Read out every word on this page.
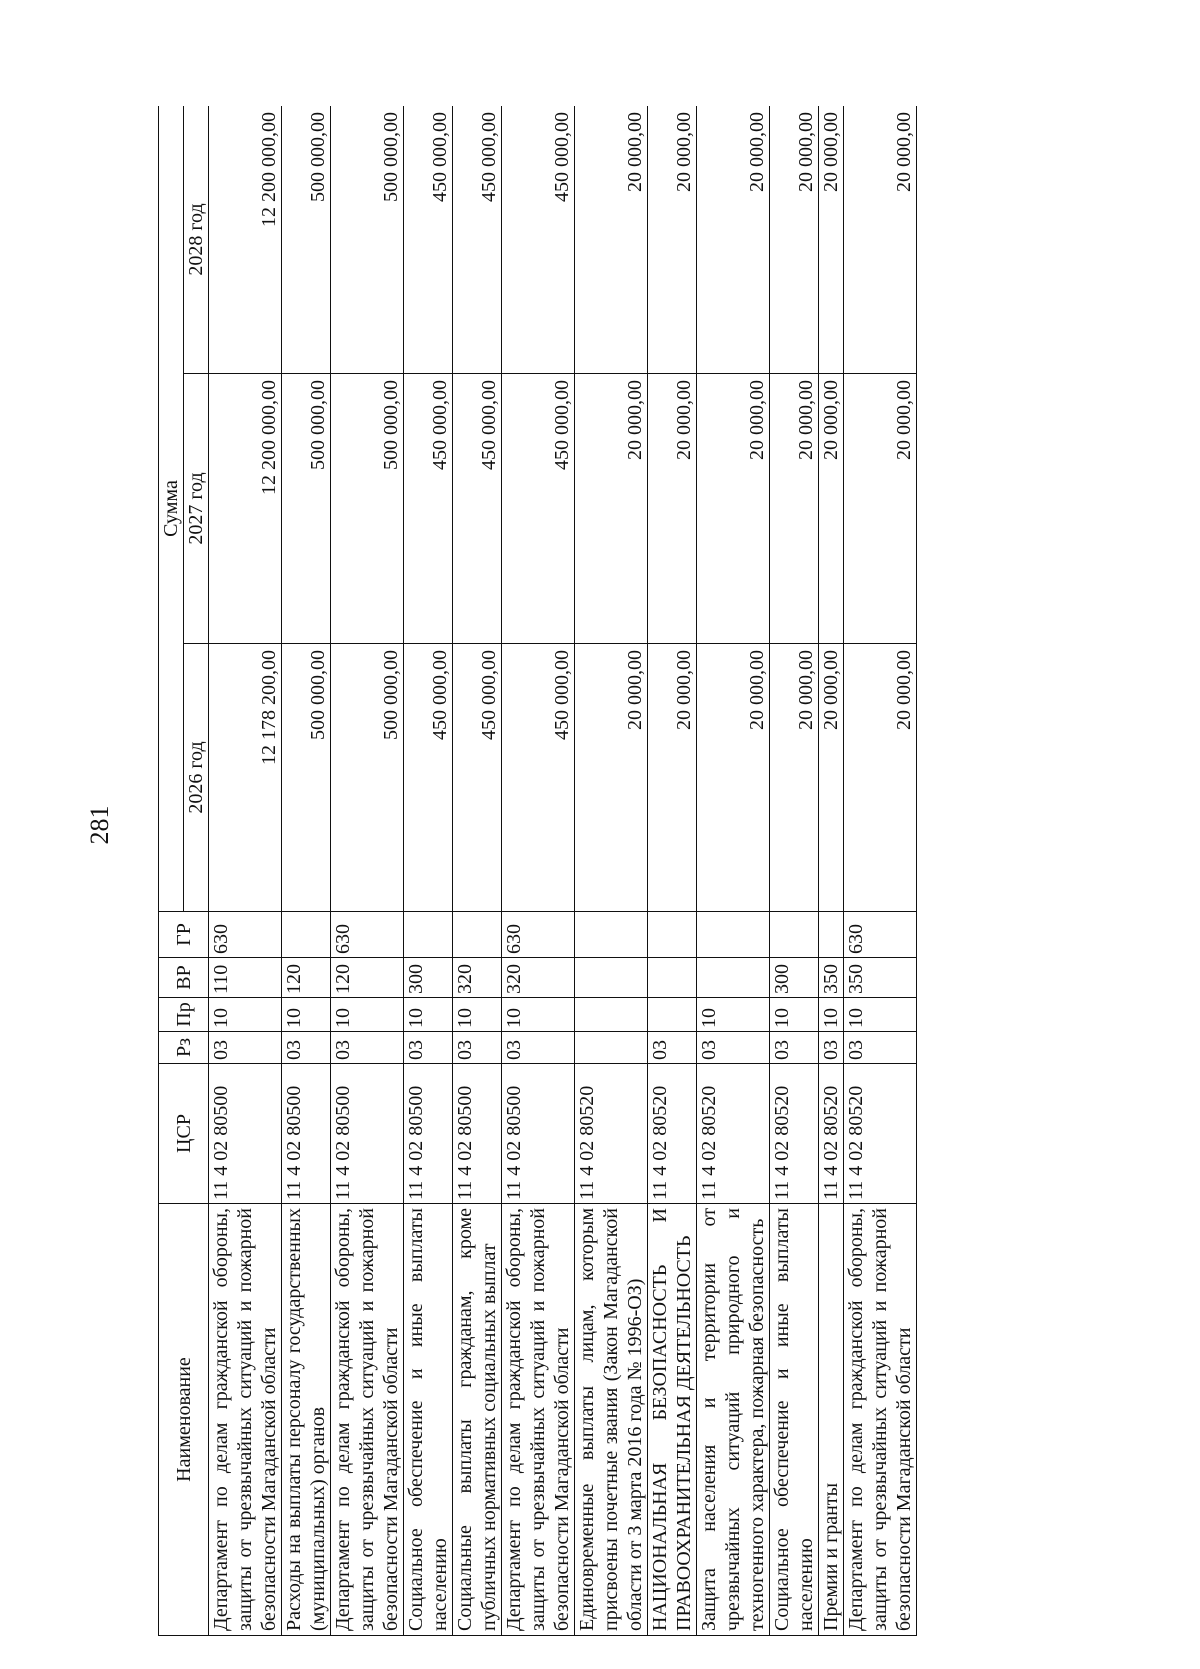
281
Наименование	ЦСР	Рз	Пр	ВР	ГР	Сумма		
						2026 год	2027 год	2028 год
Департамент по делам гражданской обороны, защиты от чрезвычайных ситуаций и пожарной безопасности Магаданской области	11 4 02 80500	03	10	110	630	12 178 200,00	12 200 000,00	12 200 000,00
Расходы на выплаты персоналу государственных (муниципальных) органов	11 4 02 80500	03	10	120		500 000,00	500 000,00	500 000,00
Департамент по делам гражданской обороны, защиты от чрезвычайных ситуаций и пожарной безопасности Магаданской области	11 4 02 80500	03	10	120	630	500 000,00	500 000,00	500 000,00
Социальное обеспечение и иные выплаты населению	11 4 02 80500	03	10	300		450 000,00	450 000,00	450 000,00
Социальные выплаты гражданам, кроме публичных нормативных социальных выплат	11 4 02 80500	03	10	320		450 000,00	450 000,00	450 000,00
Департамент по делам гражданской обороны, защиты от чрезвычайных ситуаций и пожарной безопасности Магаданской области	11 4 02 80500	03	10	320	630	450 000,00	450 000,00	450 000,00
Единовременные выплаты лицам, которым присвоены почетные звания (Закон Магаданской области от 3 марта 2016 года № 1996-ОЗ)	11 4 02 80520					20 000,00	20 000,00	20 000,00
НАЦИОНАЛЬНАЯ БЕЗОПАСНОСТЬ И ПРАВООХРАНИТЕЛЬНАЯ ДЕЯТЕЛЬНОСТЬ	11 4 02 80520	03				20 000,00	20 000,00	20 000,00
Защита населения и территории от чрезвычайных ситуаций природного и техногенного характера, пожарная безопасность	11 4 02 80520	03	10			20 000,00	20 000,00	20 000,00
Социальное обеспечение и иные выплаты населению	11 4 02 80520	03	10	300		20 000,00	20 000,00	20 000,00
Премии и гранты	11 4 02 80520	03	10	350		20 000,00	20 000,00	20 000,00
Департамент по делам гражданской обороны, защиты от чрезвычайных ситуаций и пожарной безопасности Магаданской области	11 4 02 80520	03	10	350	630	20 000,00	20 000,00	20 000,00
